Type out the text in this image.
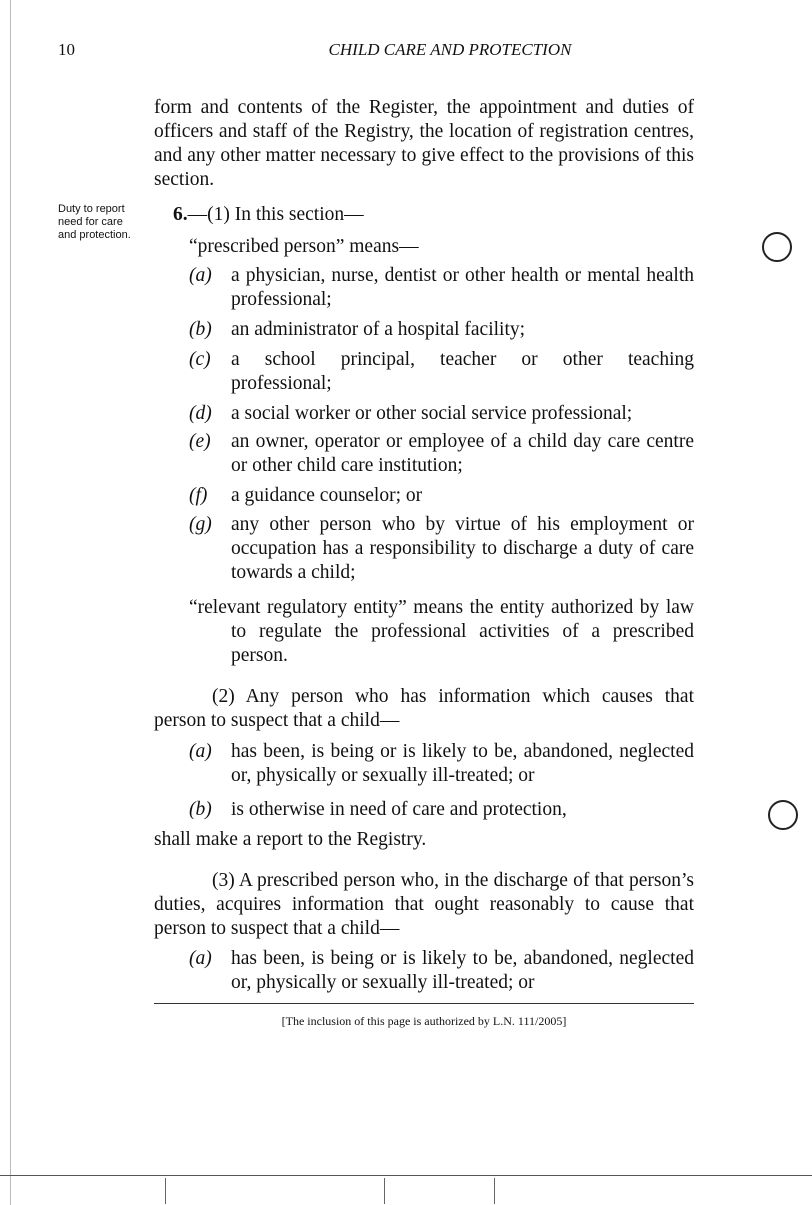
10	CHILD CARE AND PROTECTION
form and contents of the Register, the appointment and duties of officers and staff of the Registry, the location of registration centres, and any other matter necessary to give effect to the provisions of this section.
Duty to report need for care and protection.
6.—(1) In this section—
“prescribed person” means—
(a) a physician, nurse, dentist or other health or mental health professional;
(b) an administrator of a hospital facility;
(c) a school principal, teacher or other teaching professional;
(d) a social worker or other social service professional;
(e) an owner, operator or employee of a child day care centre or other child care institution;
(f) a guidance counselor; or
(g) any other person who by virtue of his employment or occupation has a responsibility to discharge a duty of care towards a child;
“relevant regulatory entity” means the entity authorized by law to regulate the professional activities of a prescribed person.
(2) Any person who has information which causes that person to suspect that a child—
(a) has been, is being or is likely to be, abandoned, neglected or, physically or sexually ill-treated; or
(b) is otherwise in need of care and protection,
shall make a report to the Registry.
(3) A prescribed person who, in the discharge of that person’s duties, acquires information that ought reasonably to cause that person to suspect that a child—
(a) has been, is being or is likely to be, abandoned, neglected or, physically or sexually ill-treated; or
[The inclusion of this page is authorized by L.N. 111/2005]
